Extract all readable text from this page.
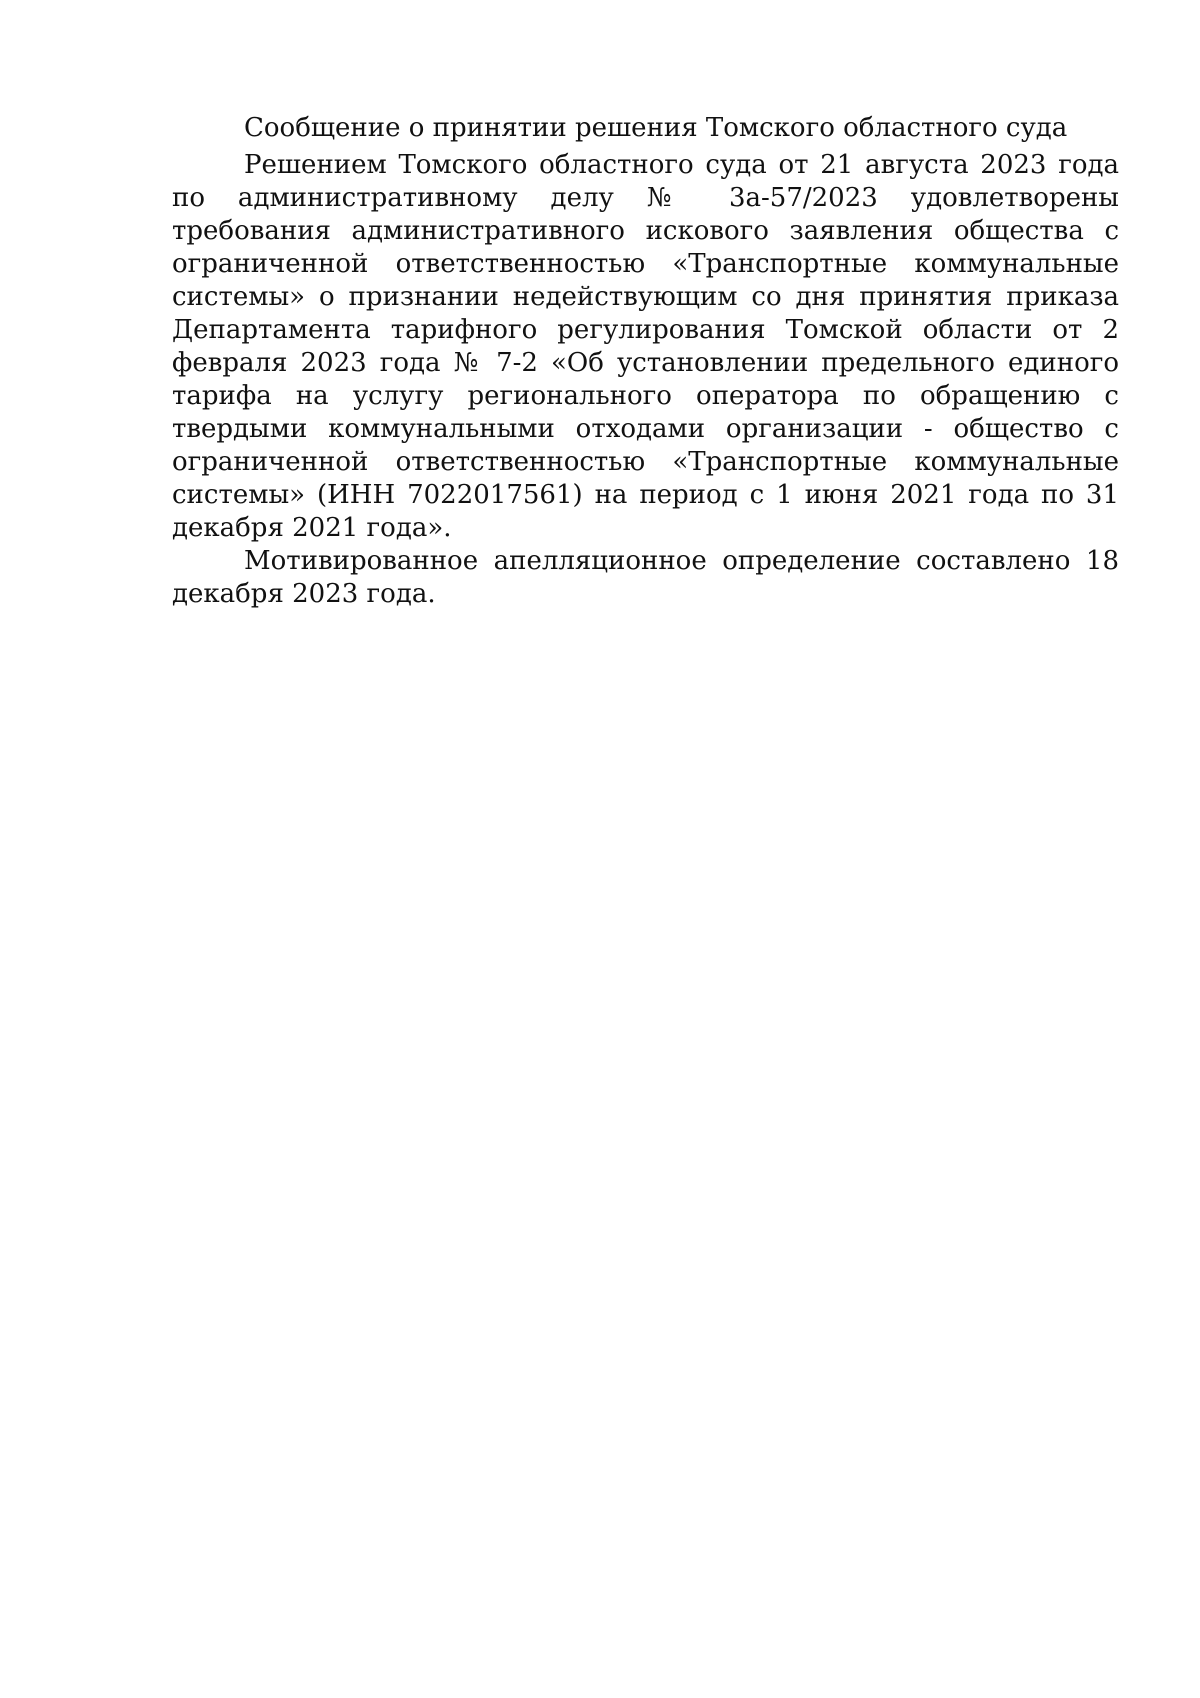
Сообщение о принятии решения Томского областного суда

Решением Томского областного суда от 21 августа 2023 года по административному делу № 3а-57/2023 удовлетворены требования административного искового заявления общества с ограниченной ответственностью «Транспортные коммунальные системы» о признании недействующим со дня принятия приказа Департамента тарифного регулирования Томской области от 2 февраля 2023 года № 7-2 «Об установлении предельного единого тарифа на услугу регионального оператора по обращению с твердыми коммунальными отходами организации - общество с ограниченной ответственностью «Транспортные коммунальные системы» (ИНН 7022017561) на период с 1 июня 2021 года по 31 декабря 2021 года».

Мотивированное апелляционное определение составлено 18 декабря 2023 года.
